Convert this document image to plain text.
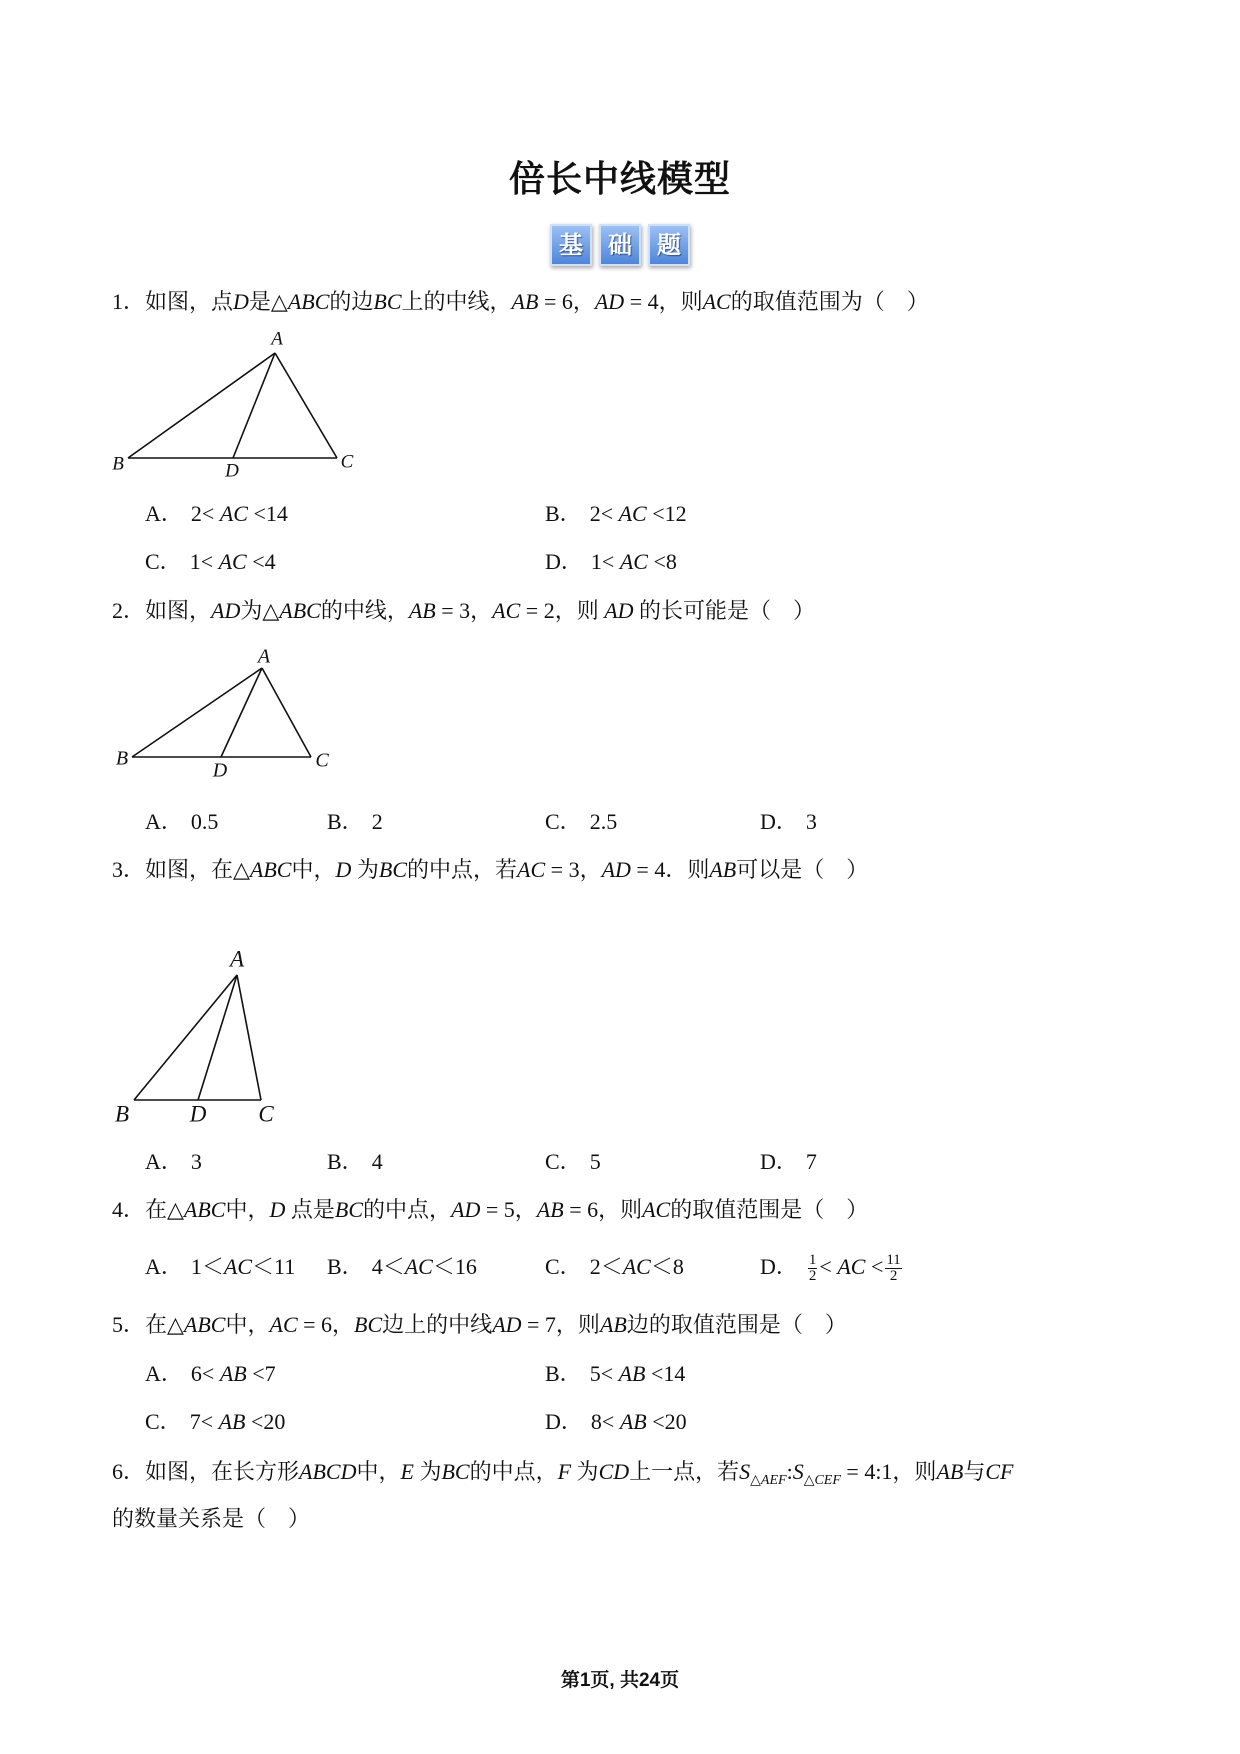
倍长中线模型
基	础	题
1．如图，点D是△ABC的边BC上的中线，AB = 6，AD = 4，则AC的取值范围为（　）
A
B	C
D
A． 2< AC <14	B． 2< AC <12
C． 1< AC <4	D． 1< AC <8
2．如图，AD为△ABC的中线，AB = 3，AC = 2，则 AD 的长可能是（　）
A
B	C
D
A． 0.5	B． 2	C． 2.5	D． 3
3．如图，在△ABC中，D 为BC的中点，若AC = 3，AD = 4．则AB可以是（　）
A
B	C
D
A． 3	B． 4	C． 5	D． 7
4．在△ABC中，D 点是BC的中点，AD = 5，AB = 6，则AC的取值范围是（　）
A． 1＜AC＜11 B． 4＜AC＜16	C． 2＜AC＜8	D． $\frac{1}{2}$ < AC < $\frac{11}{2}$
5．在△ABC中，AC = 6，BC边上的中线AD = 7，则AB边的取值范围是（　）
A． 6< AB <7	B． 5< AB <14
C． 7< AB <20	D． 8< AB <20
6．如图，在长方形ABCD中，E 为BC的中点，F 为CD上一点，若$S_{\triangle AEF}:S_{\triangle CEF}$ = 4:1，则AB与CF
的数量关系是（　）
第1页, 共24页
